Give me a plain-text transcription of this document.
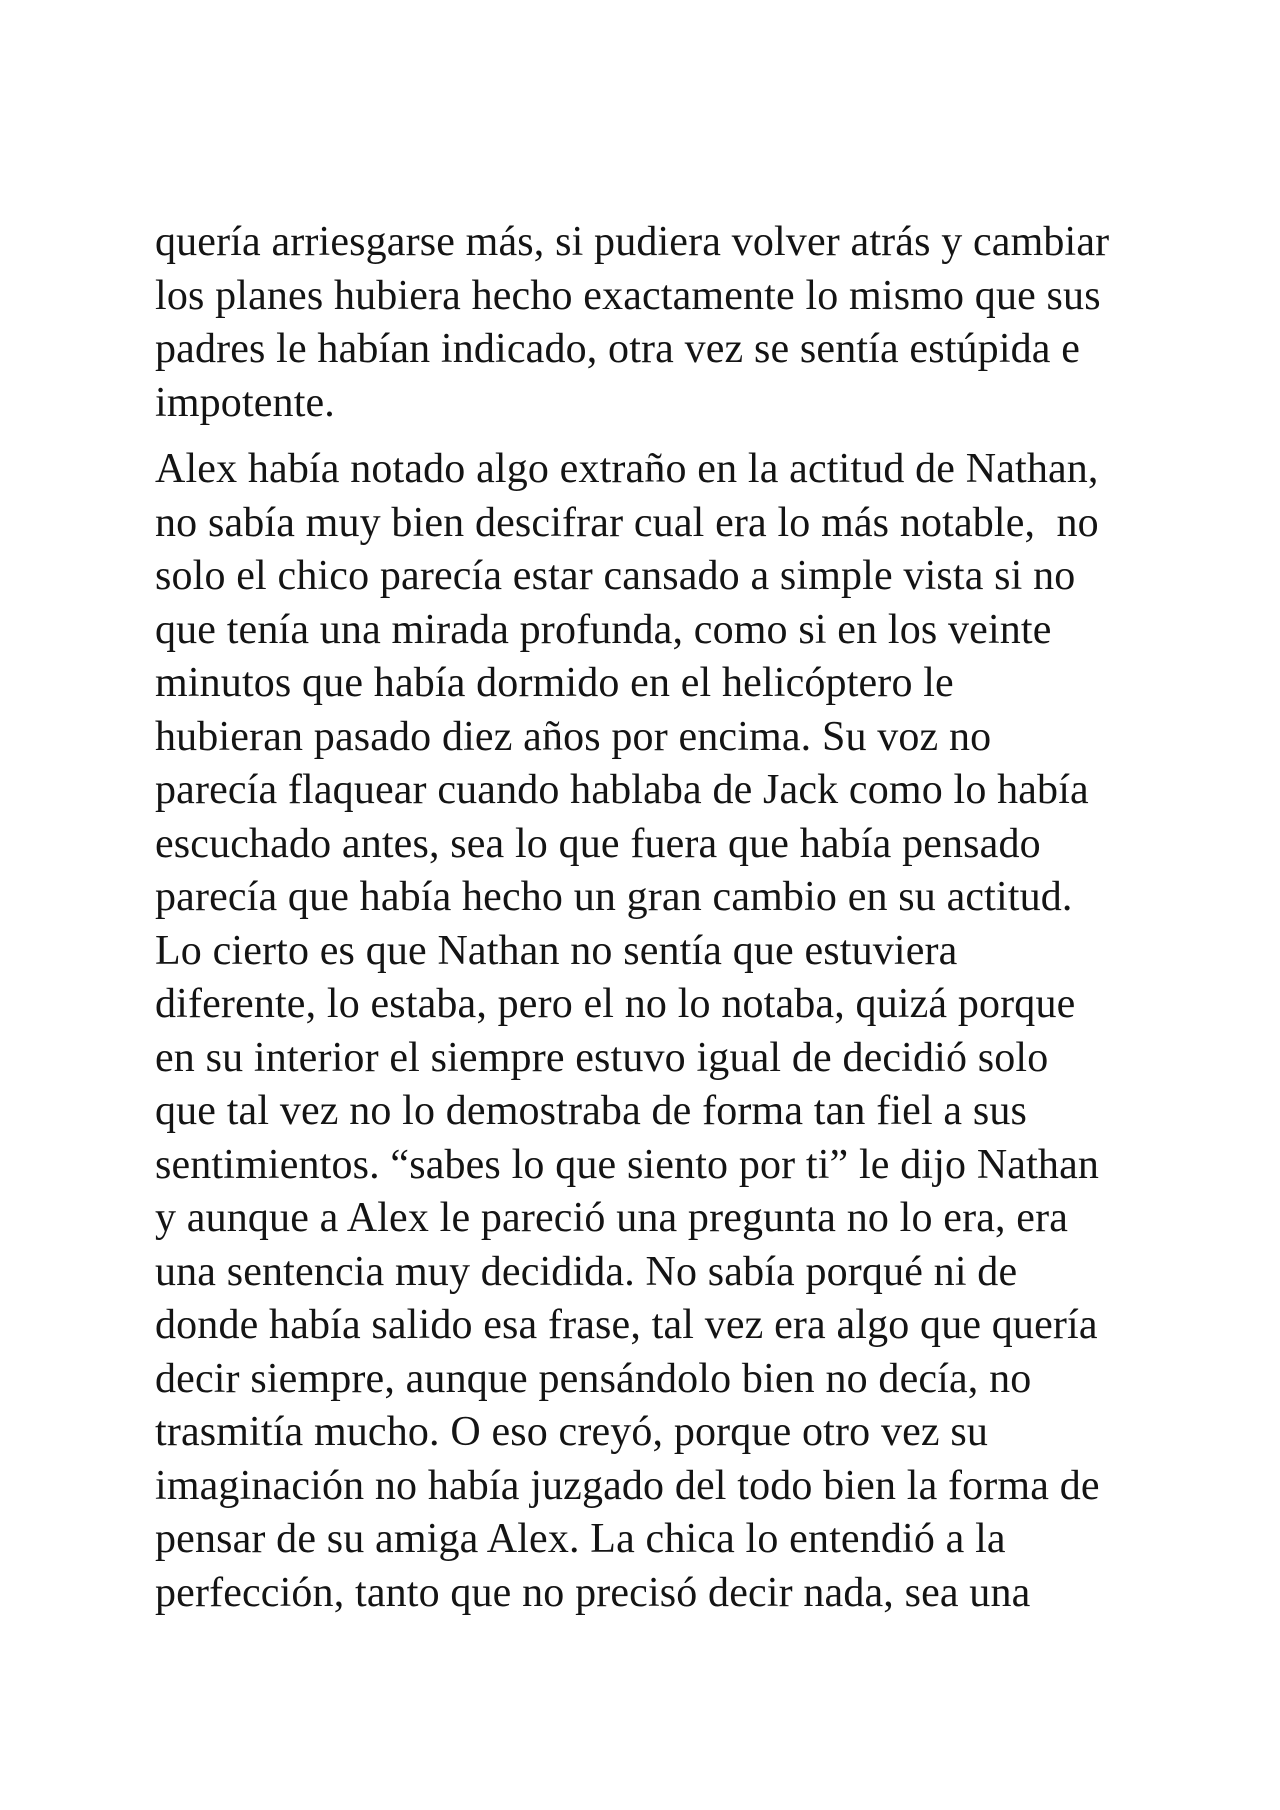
quería arriesgarse más, si pudiera volver atrás y cambiar
los planes hubiera hecho exactamente lo mismo que sus
padres le habían indicado, otra vez se sentía estúpida e
impotente.
Alex había notado algo extraño en la actitud de Nathan,
no sabía muy bien descifrar cual era lo más notable,  no
solo el chico parecía estar cansado a simple vista si no
que tenía una mirada profunda, como si en los veinte
minutos que había dormido en el helicóptero le
hubieran pasado diez años por encima. Su voz no
parecía flaquear cuando hablaba de Jack como lo había
escuchado antes, sea lo que fuera que había pensado
parecía que había hecho un gran cambio en su actitud.
Lo cierto es que Nathan no sentía que estuviera
diferente, lo estaba, pero el no lo notaba, quizá porque
en su interior el siempre estuvo igual de decidió solo
que tal vez no lo demostraba de forma tan fiel a sus
sentimientos. “sabes lo que siento por ti” le dijo Nathan
y aunque a Alex le pareció una pregunta no lo era, era
una sentencia muy decidida. No sabía porqué ni de
donde había salido esa frase, tal vez era algo que quería
decir siempre, aunque pensándolo bien no decía, no
trasmitía mucho. O eso creyó, porque otro vez su
imaginación no había juzgado del todo bien la forma de
pensar de su amiga Alex. La chica lo entendió a la
perfección, tanto que no precisó decir nada, sea una
